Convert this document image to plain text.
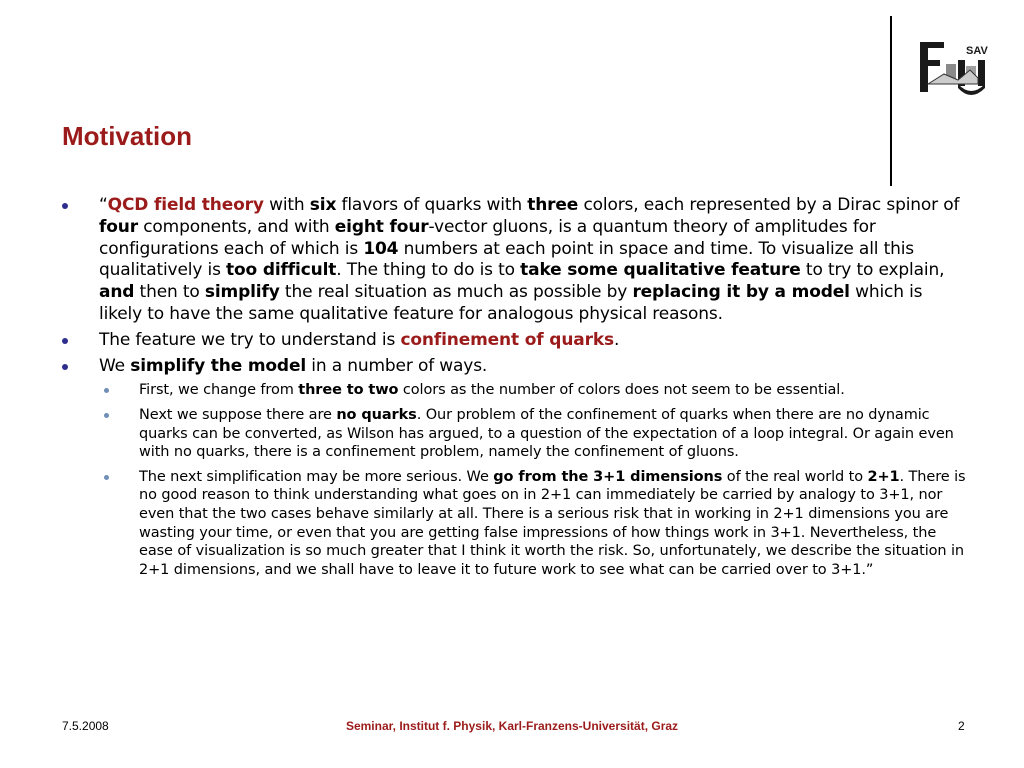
SAV
Motivation
“QCD field theory with six flavors of quarks with three colors, each represented by a Dirac spinor of four components, and with eight four-vector gluons, is a quantum theory of amplitudes for configurations each of which is 104 numbers at each point in space and time. To visualize all this qualitatively is too difficult. The thing to do is to take some qualitative feature to try to explain, and then to simplify the real situation as much as possible by replacing it by a model which is likely to have the same qualitative feature for analogous physical reasons.
The feature we try to understand is confinement of quarks.
We simplify the model in a number of ways.
First, we change from three to two colors as the number of colors does not seem to be essential.
Next we suppose there are no quarks. Our problem of the confinement of quarks when there are no dynamic quarks can be converted, as Wilson has argued, to a question of the expectation of a loop integral. Or again even with no quarks, there is a confinement problem, namely the confinement of gluons.
The next simplification may be more serious. We go from the 3+1 dimensions of the real world to 2+1. There is no good reason to think understanding what goes on in 2+1 can immediately be carried by analogy to 3+1, nor even that the two cases behave similarly at all. There is a serious risk that in working in 2+1 dimensions you are wasting your time, or even that you are getting false impressions of how things work in 3+1. Nevertheless, the ease of visualization is so much greater that I think it worth the risk. So, unfortunately, we describe the situation in 2+1 dimensions, and we shall have to leave it to future work to see what can be carried over to 3+1.”
7.5.2008	Seminar, Institut f. Physik, Karl-Franzens-Universität, Graz	2
